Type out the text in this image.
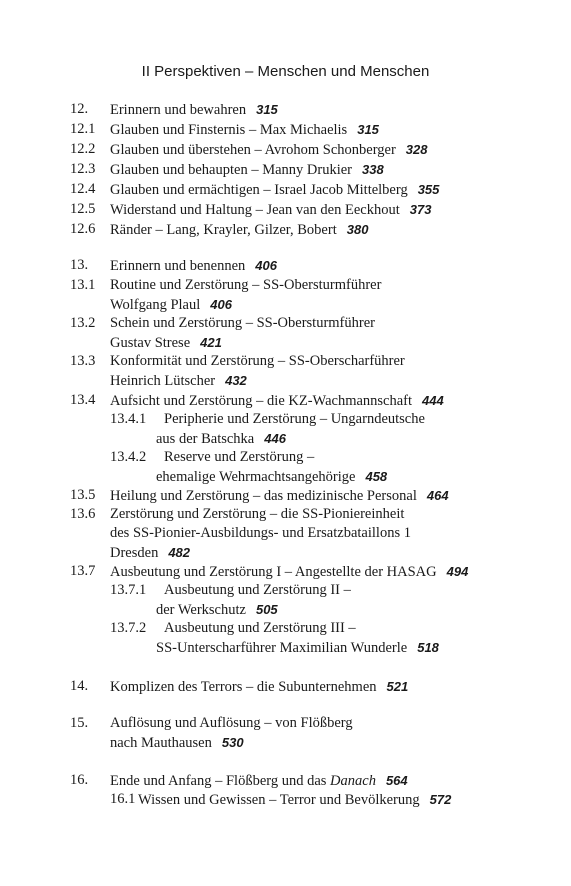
II Perspektiven – Menschen und Menschen
12. Erinnern und bewahren 315
12.1 Glauben und Finsternis – Max Michaelis 315
12.2 Glauben und überstehen – Avrohom Schonberger 328
12.3 Glauben und behaupten – Manny Drukier 338
12.4 Glauben und ermächtigen – Israel Jacob Mittelberg 355
12.5 Widerstand und Haltung – Jean van den Eeckhout 373
12.6 Ränder – Lang, Krayler, Gilzer, Bobert 380
13. Erinnern und benennen 406
13.1 Routine und Zerstörung – SS-Obersturmführer
Wolfgang Plaul 406
13.2 Schein und Zerstörung – SS-Obersturmführer
Gustav Strese 421
13.3 Konformität und Zerstörung – SS-Oberscharführer
Heinrich Lütscher 432
13.4 Aufsicht und Zerstörung – die KZ-Wachmannschaft 444
13.4.1 Peripherie und Zerstörung – Ungarndeutsche
aus der Batschka 446
13.4.2 Reserve und Zerstörung –
ehemalige Wehrmachtsangehörige 458
13.5 Heilung und Zerstörung – das medizinische Personal 464
13.6 Zerstörung und Zerstörung – die SS-Pioniereinheit
des SS-Pionier-Ausbildungs- und Ersatzbataillons 1
Dresden 482
13.7 Ausbeutung und Zerstörung I – Angestellte der HASAG 494
13.7.1 Ausbeutung und Zerstörung II –
der Werkschutz 505
13.7.2 Ausbeutung und Zerstörung III –
SS-Unterscharführer Maximilian Wunderle 518
14. Komplizen des Terrors – die Subunternehmen 521
15. Auflösung und Auflösung – von Flößberg
nach Mauthausen 530
16. Ende und Anfang – Flößberg und das Danach 564
16.1 Wissen und Gewissen – Terror und Bevölkerung 572
